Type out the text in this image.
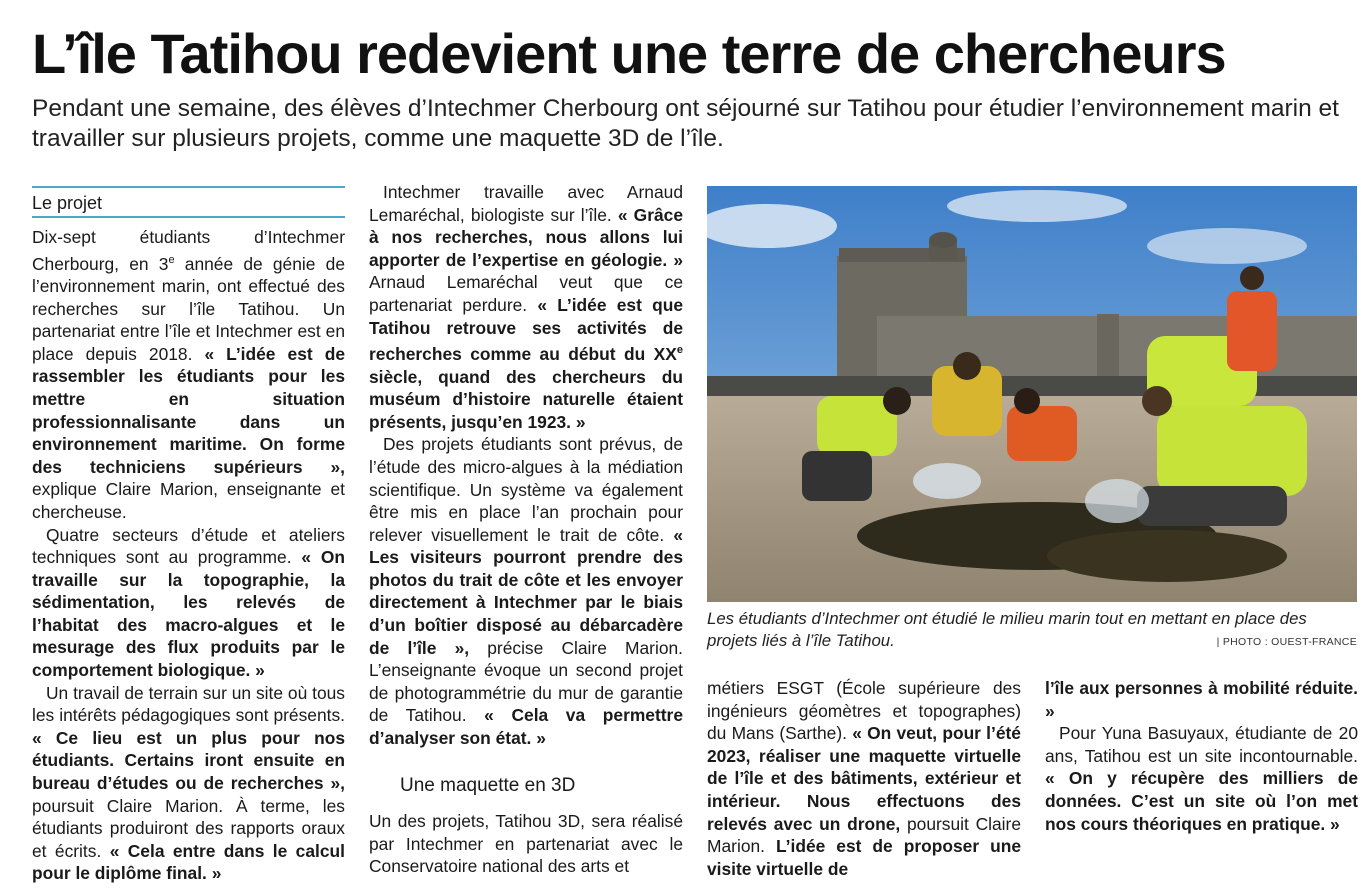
L’île Tatihou redevient une terre de chercheurs

Pendant une semaine, des élèves d’Intechmer Cherbourg ont séjourné sur Tatihou pour étudier l’environnement marin et travailler sur plusieurs projets, comme une maquette 3D de l’île.

Le projet

Dix-sept étudiants d’Intechmer Cherbourg, en 3e année de génie de l’environnement marin, ont effectué des recherches sur l’île Tatihou. Un partenariat entre l’île et Intechmer est en place depuis 2018. « L’idée est de rassembler les étudiants pour les mettre en situation professionnalisante dans un environnement maritime. On forme des techniciens supérieurs », explique Claire Marion, enseignante et chercheuse.

Quatre secteurs d’étude et ateliers techniques sont au programme. « On travaille sur la topographie, la sédimentation, les relevés de l’habitat des macro-algues et le mesurage des flux produits par le comportement biologique. »

Un travail de terrain sur un site où tous les intérêts pédagogiques sont présents. « Ce lieu est un plus pour nos étudiants. Certains iront ensuite en bureau d’études ou de recherches », poursuit Claire Marion. À terme, les étudiants produiront des rapports oraux et écrits. « Cela entre dans le calcul pour le diplôme final. »

Intechmer travaille avec Arnaud Lemaréchal, biologiste sur l’île. « Grâce à nos recherches, nous allons lui apporter de l’expertise en géologie. » Arnaud Lemaréchal veut que ce partenariat perdure. « L’idée est que Tatihou retrouve ses activités de recherches comme au début du XXe siècle, quand des chercheurs du muséum d’histoire naturelle étaient présents, jusqu’en 1923. »

Des projets étudiants sont prévus, de l’étude des micro-algues à la médiation scientifique. Un système va également être mis en place l’an prochain pour relever visuellement le trait de côte. « Les visiteurs pourront prendre des photos du trait de côte et les envoyer directement à Intechmer par le biais d’un boîtier disposé au débarcadère de l’île », précise Claire Marion. L’enseignante évoque un second projet de photogrammétrie du mur de garantie de Tatihou. « Cela va permettre d’analyser son état. »

Une maquette en 3D

Un des projets, Tatihou 3D, sera réalisé par Intechmer en partenariat avec le Conservatoire national des arts et

Les étudiants d’Intechmer ont étudié le milieu marin tout en mettant en place des projets liés à l’île Tatihou.	| PHOTO : OUEST-FRANCE

métiers ESGT (École supérieure des ingénieurs géomètres et topographes) du Mans (Sarthe). « On veut, pour l’été 2023, réaliser une maquette virtuelle de l’île et des bâtiments, extérieur et intérieur. Nous effectuons des relevés avec un drone, poursuit Claire Marion. L’idée est de proposer une visite virtuelle de

l’île aux personnes à mobilité réduite. »

Pour Yuna Basuyaux, étudiante de 20 ans, Tatihou est un site incontournable. « On y récupère des milliers de données. C’est un site où l’on met nos cours théoriques en pratique. »
